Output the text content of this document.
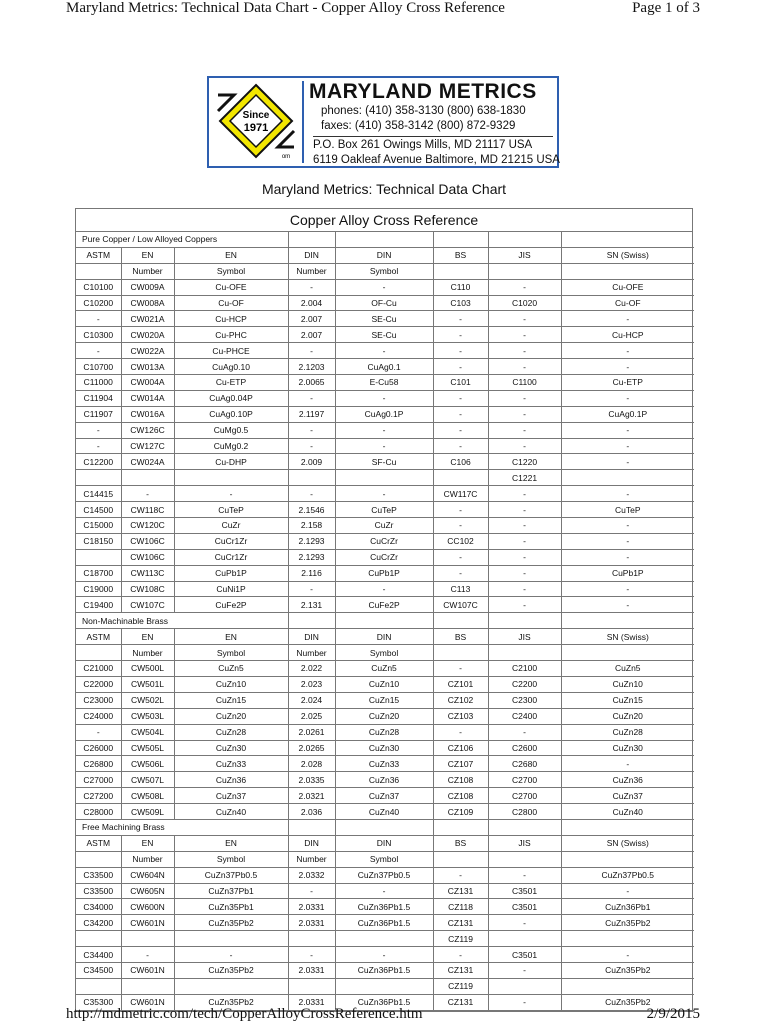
Maryland Metrics: Technical Data Chart - Copper Alloy Cross Reference	Page 1 of 3
Since
1971
om
MARYLAND METRICS
phones: (410) 358-3130 (800) 638-1830
faxes: (410) 358-3142 (800) 872-9329
P.O. Box 261 Owings Mills, MD 21117 USA
6119 Oakleaf Avenue Baltimore, MD 21215 USA
Maryland Metrics: Technical Data Chart
Copper Alloy Cross Reference
Pure Copper / Low Alloyed Coppers							
ASTM	EN	EN	DIN	DIN	BS	JIS	SN (Swiss)
	Number	Symbol	Number	Symbol			
C10100	CW009A	Cu-OFE	-	-	C110	-	Cu-OFE
C10200	CW008A	Cu-OF	2.004	OF-Cu	C103	C1020	Cu-OF
-	CW021A	Cu-HCP	2.007	SE-Cu	-	-	-
C10300	CW020A	Cu-PHC	2.007	SE-Cu	-	-	Cu-HCP
-	CW022A	Cu-PHCE	-	-	-	-	-
C10700	CW013A	CuAg0.10	2.1203	CuAg0.1	-	-	-
C11000	CW004A	Cu-ETP	2.0065	E-Cu58	C101	C1100	Cu-ETP
C11904	CW014A	CuAg0.04P	-	-	-	-	-
C11907	CW016A	CuAg0.10P	2.1197	CuAg0.1P	-	-	CuAg0.1P
-	CW126C	CuMg0.5	-	-	-	-	-
-	CW127C	CuMg0.2	-	-	-	-	-
C12200	CW024A	Cu-DHP	2.009	SF-Cu	C106	C1220	-
						C1221	
C14415	-	-	-	-	CW117C	-	-
C14500	CW118C	CuTeP	2.1546	CuTeP	-	-	CuTeP
C15000	CW120C	CuZr	2.158	CuZr	-	-	-
C18150	CW106C	CuCr1Zr	2.1293	CuCrZr	CC102	-	-
	CW106C	CuCr1Zr	2.1293	CuCrZr	-	-	-
C18700	CW113C	CuPb1P	2.116	CuPb1P	-	-	CuPb1P
C19000	CW108C	CuNi1P	-	-	C113	-	-
C19400	CW107C	CuFe2P	2.131	CuFe2P	CW107C	-	-
Non-Machinable Brass							
ASTM	EN	EN	DIN	DIN	BS	JIS	SN (Swiss)
	Number	Symbol	Number	Symbol			
C21000	CW500L	CuZn5	2.022	CuZn5	-	C2100	CuZn5
C22000	CW501L	CuZn10	2.023	CuZn10	CZ101	C2200	CuZn10
C23000	CW502L	CuZn15	2.024	CuZn15	CZ102	C2300	CuZn15
C24000	CW503L	CuZn20	2.025	CuZn20	CZ103	C2400	CuZn20
-	CW504L	CuZn28	2.0261	CuZn28	-	-	CuZn28
C26000	CW505L	CuZn30	2.0265	CuZn30	CZ106	C2600	CuZn30
C26800	CW506L	CuZn33	2.028	CuZn33	CZ107	C2680	-
C27000	CW507L	CuZn36	2.0335	CuZn36	CZ108	C2700	CuZn36
C27200	CW508L	CuZn37	2.0321	CuZn37	CZ108	C2700	CuZn37
C28000	CW509L	CuZn40	2.036	CuZn40	CZ109	C2800	CuZn40
Free Machining Brass							
ASTM	EN	EN	DIN	DIN	BS	JIS	SN (Swiss)
	Number	Symbol	Number	Symbol			
C33500	CW604N	CuZn37Pb0.5	2.0332	CuZn37Pb0.5	-	-	CuZn37Pb0.5
C33500	CW605N	CuZn37Pb1	-	-	CZ131	C3501	-
C34000	CW600N	CuZn35Pb1	2.0331	CuZn36Pb1.5	CZ118	C3501	CuZn36Pb1
C34200	CW601N	CuZn35Pb2	2.0331	CuZn36Pb1.5	CZ131	-	CuZn35Pb2
					CZ119		
C34400	-	-	-	-	-	C3501	-
C34500	CW601N	CuZn35Pb2	2.0331	CuZn36Pb1.5	CZ131	-	CuZn35Pb2
					CZ119		
C35300	CW601N	CuZn35Pb2	2.0331	CuZn36Pb1.5	CZ131	-	CuZn35Pb2
http://mdmetric.com/tech/CopperAlloyCrossReference.htm	2/9/2015
